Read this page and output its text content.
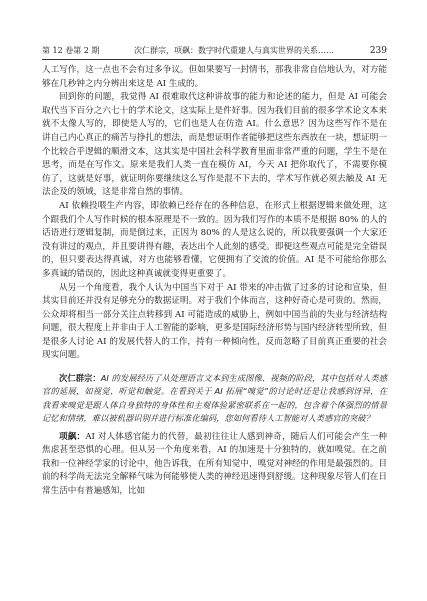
第 12 卷第 2 期	次仁群宗，项飙：数字时代重建人与真实世界的关系……	239

人工写作，这一点也不会有过多争议。但如果要写一封情书，那我非常自信地认为，对方能够在几秒钟之内分辨出来这是 AI 生成的。

回到你的问题，我觉得 AI 很难取代这种讲故事的能力和论述的能力，但是 AI 可能会取代当下百分之六七十的学术论文，这实际上是件好事。因为我们目前的很多学术论文本来就不太像人写的，即使是人写的，它们也是人在仿造 AI。什么意思？因为这些写作不是在讲自己内心真正的痛苦与挣扎的想法，而是想证明作者能够把这些东西放在一块，想证明一个比较合乎逻辑的顺滑文本，这其实是中国社会科学教育里面非常严重的问题，学生不是在思考，而是在写作文。原来是我们人类一直在模仿 AI，今天 AI 把你取代了，不需要你模仿了，这就是好事，就证明你要继续这么写作是混不下去的，学术写作就必须去触及 AI 无法企及的领域，这是非常自然的事情。

AI 依赖投喂生产内容，即依赖已经存在的各种信息，在形式上根据逻辑来做处理，这个跟我们个人写作时候的根本原理是不一致的。因为我们写作的本质不是根据 80% 的人的话语进行逻辑复制，而是倒过来，正因为 80% 的人是这么说的，所以我要强调一个大家还没有讲过的观点，并且要讲得有趣，表达出个人此刻的感受。即便这些观点可能是完全错误的，但只要表达得真诚，对方也能够看懂，它便拥有了交流的价值。AI 是不可能给你那么多真诚的错误的，因此这种真诚就变得更重要了。

从另一个角度看，我个人认为中国当下对于 AI 带来的冲击做了过多的讨论和宣染，但其实目前还并没有足够充分的数据证明。对于我们个体而言，这种好奇心是可贵的。然而，公众却将相当一部分关注点转移到 AI 可能造成的威胁上，例如中国当前的失业与经济结构问题，很大程度上并非由于人工智能的影响，更多是国际经济形势与国内经济转型所致，但是很多人讨论 AI 的发展代替人的工作，持有一种倾向性，反而忽略了目前真正重要的社会现实问题。

次仁群宗：AI 的发展经历了从处理语言文本到生成图像、视频的阶段，其中包括对人类感官的延展，如视觉、听觉和触觉。在看到关于 AI 拓展“嗅觉”的讨论时还是让我感到讶异，在我看来嗅觉是跟人体自身独特的身体性和主观体验紧密联系在一起的，包含着个体强烈的情景记忆和情绪，难以被机器识别并进行标准化编码，您如何看待人工智能对人类感官的突破？

项飙：AI 对人体感官能力的代替，最初往往让人感到神奇，随后人们可能会产生一种焦虑甚至恐惧的心理。但从另一个角度来看，AI 的加速是十分独特的，就如嗅觉。在之前我和一位神经学家的讨论中，他告诉我，在所有知觉中，嗅觉对神经的作用是最强烈的。目前的科学尚无法完全解释气味为何能够使人类的神经迅速得到舒缓。这种现象尽管人们在日常生活中有普遍感知，比如
